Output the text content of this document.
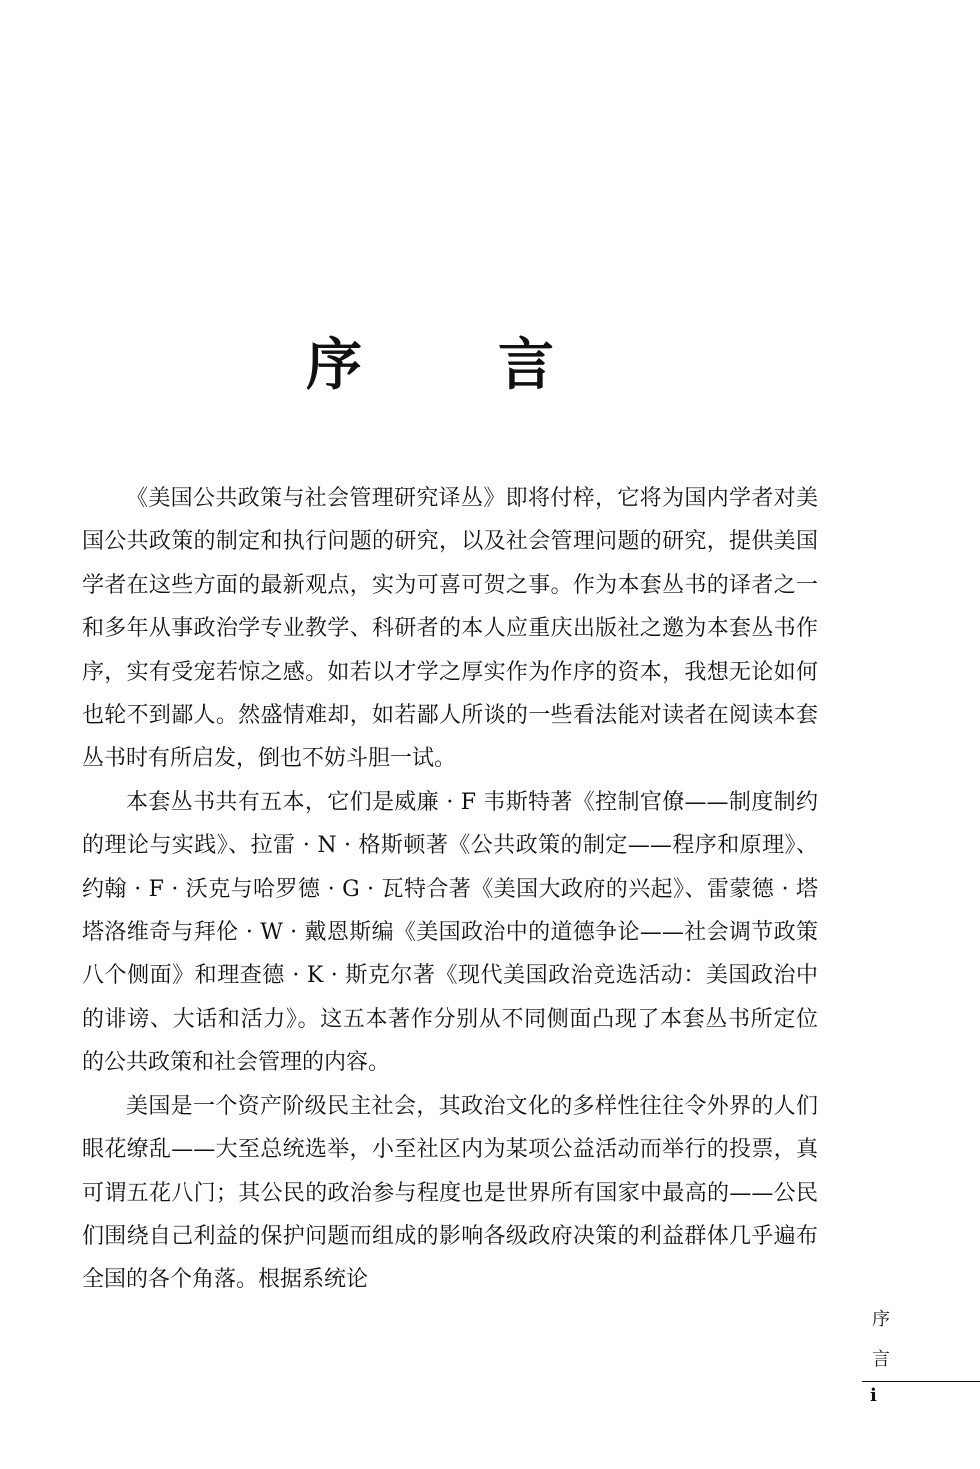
序　言

《美国公共政策与社会管理研究译丛》即将付梓，它将为国内学者对美国公共政策的制定和执行问题的研究，以及社会管理问题的研究，提供美国学者在这些方面的最新观点，实为可喜可贺之事。作为本套丛书的译者之一和多年从事政治学专业教学、科研者的本人应重庆出版社之邀为本套丛书作序，实有受宠若惊之感。如若以才学之厚实作为作序的资本，我想无论如何也轮不到鄙人。然盛情难却，如若鄙人所谈的一些看法能对读者在阅读本套丛书时有所启发，倒也不妨斗胆一试。

本套丛书共有五本，它们是威廉 · F 韦斯特著《控制官僚——制度制约的理论与实践》、拉雷 · N · 格斯顿著《公共政策的制定——程序和原理》、约翰 · F · 沃克与哈罗德 · G · 瓦特合著《美国大政府的兴起》、雷蒙德 · 塔塔洛维奇与拜伦 · W · 戴恩斯编《美国政治中的道德争论——社会调节政策八个侧面》和理查德 · K · 斯克尔著《现代美国政治竞选活动：美国政治中的诽谤、大话和活力》。这五本著作分别从不同侧面凸现了本套丛书所定位的公共政策和社会管理的内容。

美国是一个资产阶级民主社会，其政治文化的多样性往往令外界的人们眼花缭乱——大至总统选举，小至社区内为某项公益活动而举行的投票，真可谓五花八门；其公民的政治参与程度也是世界所有国家中最高的——公民们围绕自己利益的保护问题而组成的影响各级政府决策的利益群体几乎遍布全国的各个角落。根据系统论

序
言
i
